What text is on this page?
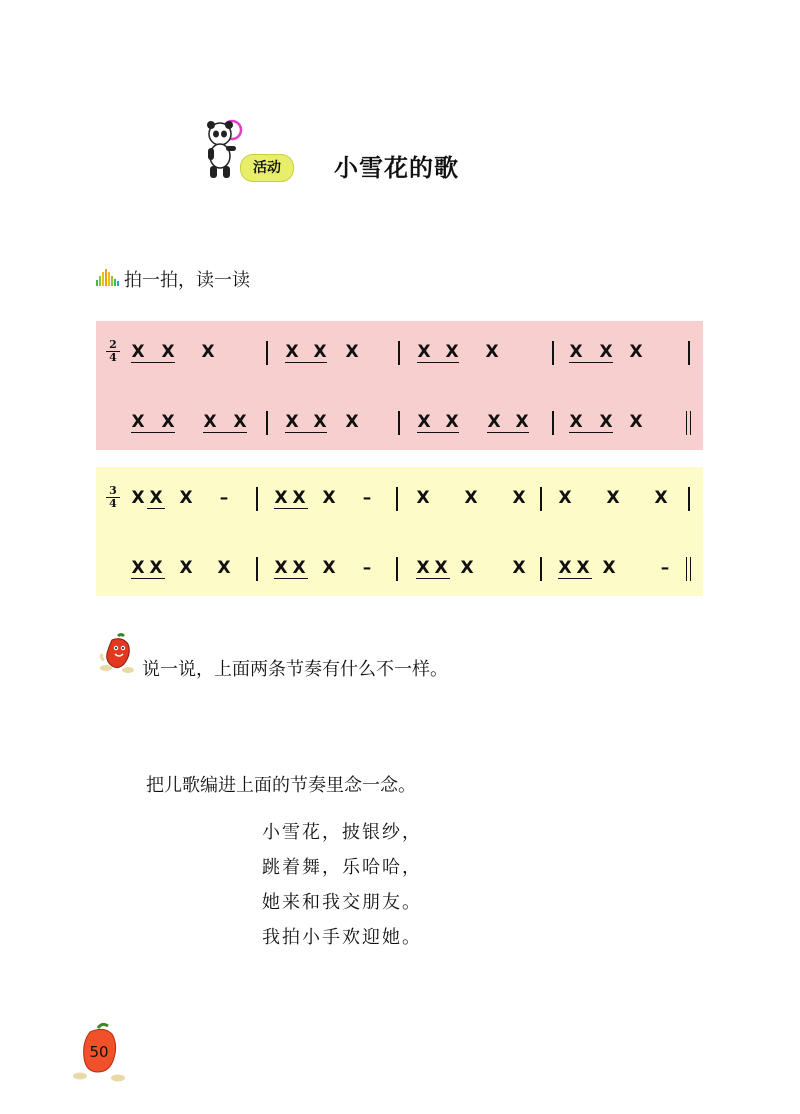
活动	小雪花的歌
拍一拍，读一读
2
4 X X X	X X X	X X X	X X X
X X X X X X X	X X X X X X X
3
4 X X X –	X X X –	X X X X X X
X X X X	X X X –	X X X X X X X	–
说一说，上面两条节奏有什么不一样。
把儿歌编进上面的节奏里念一念。
小雪花，披银纱，
跳着舞，乐哈哈，
她来和我交朋友。
我拍小手欢迎她。
50
